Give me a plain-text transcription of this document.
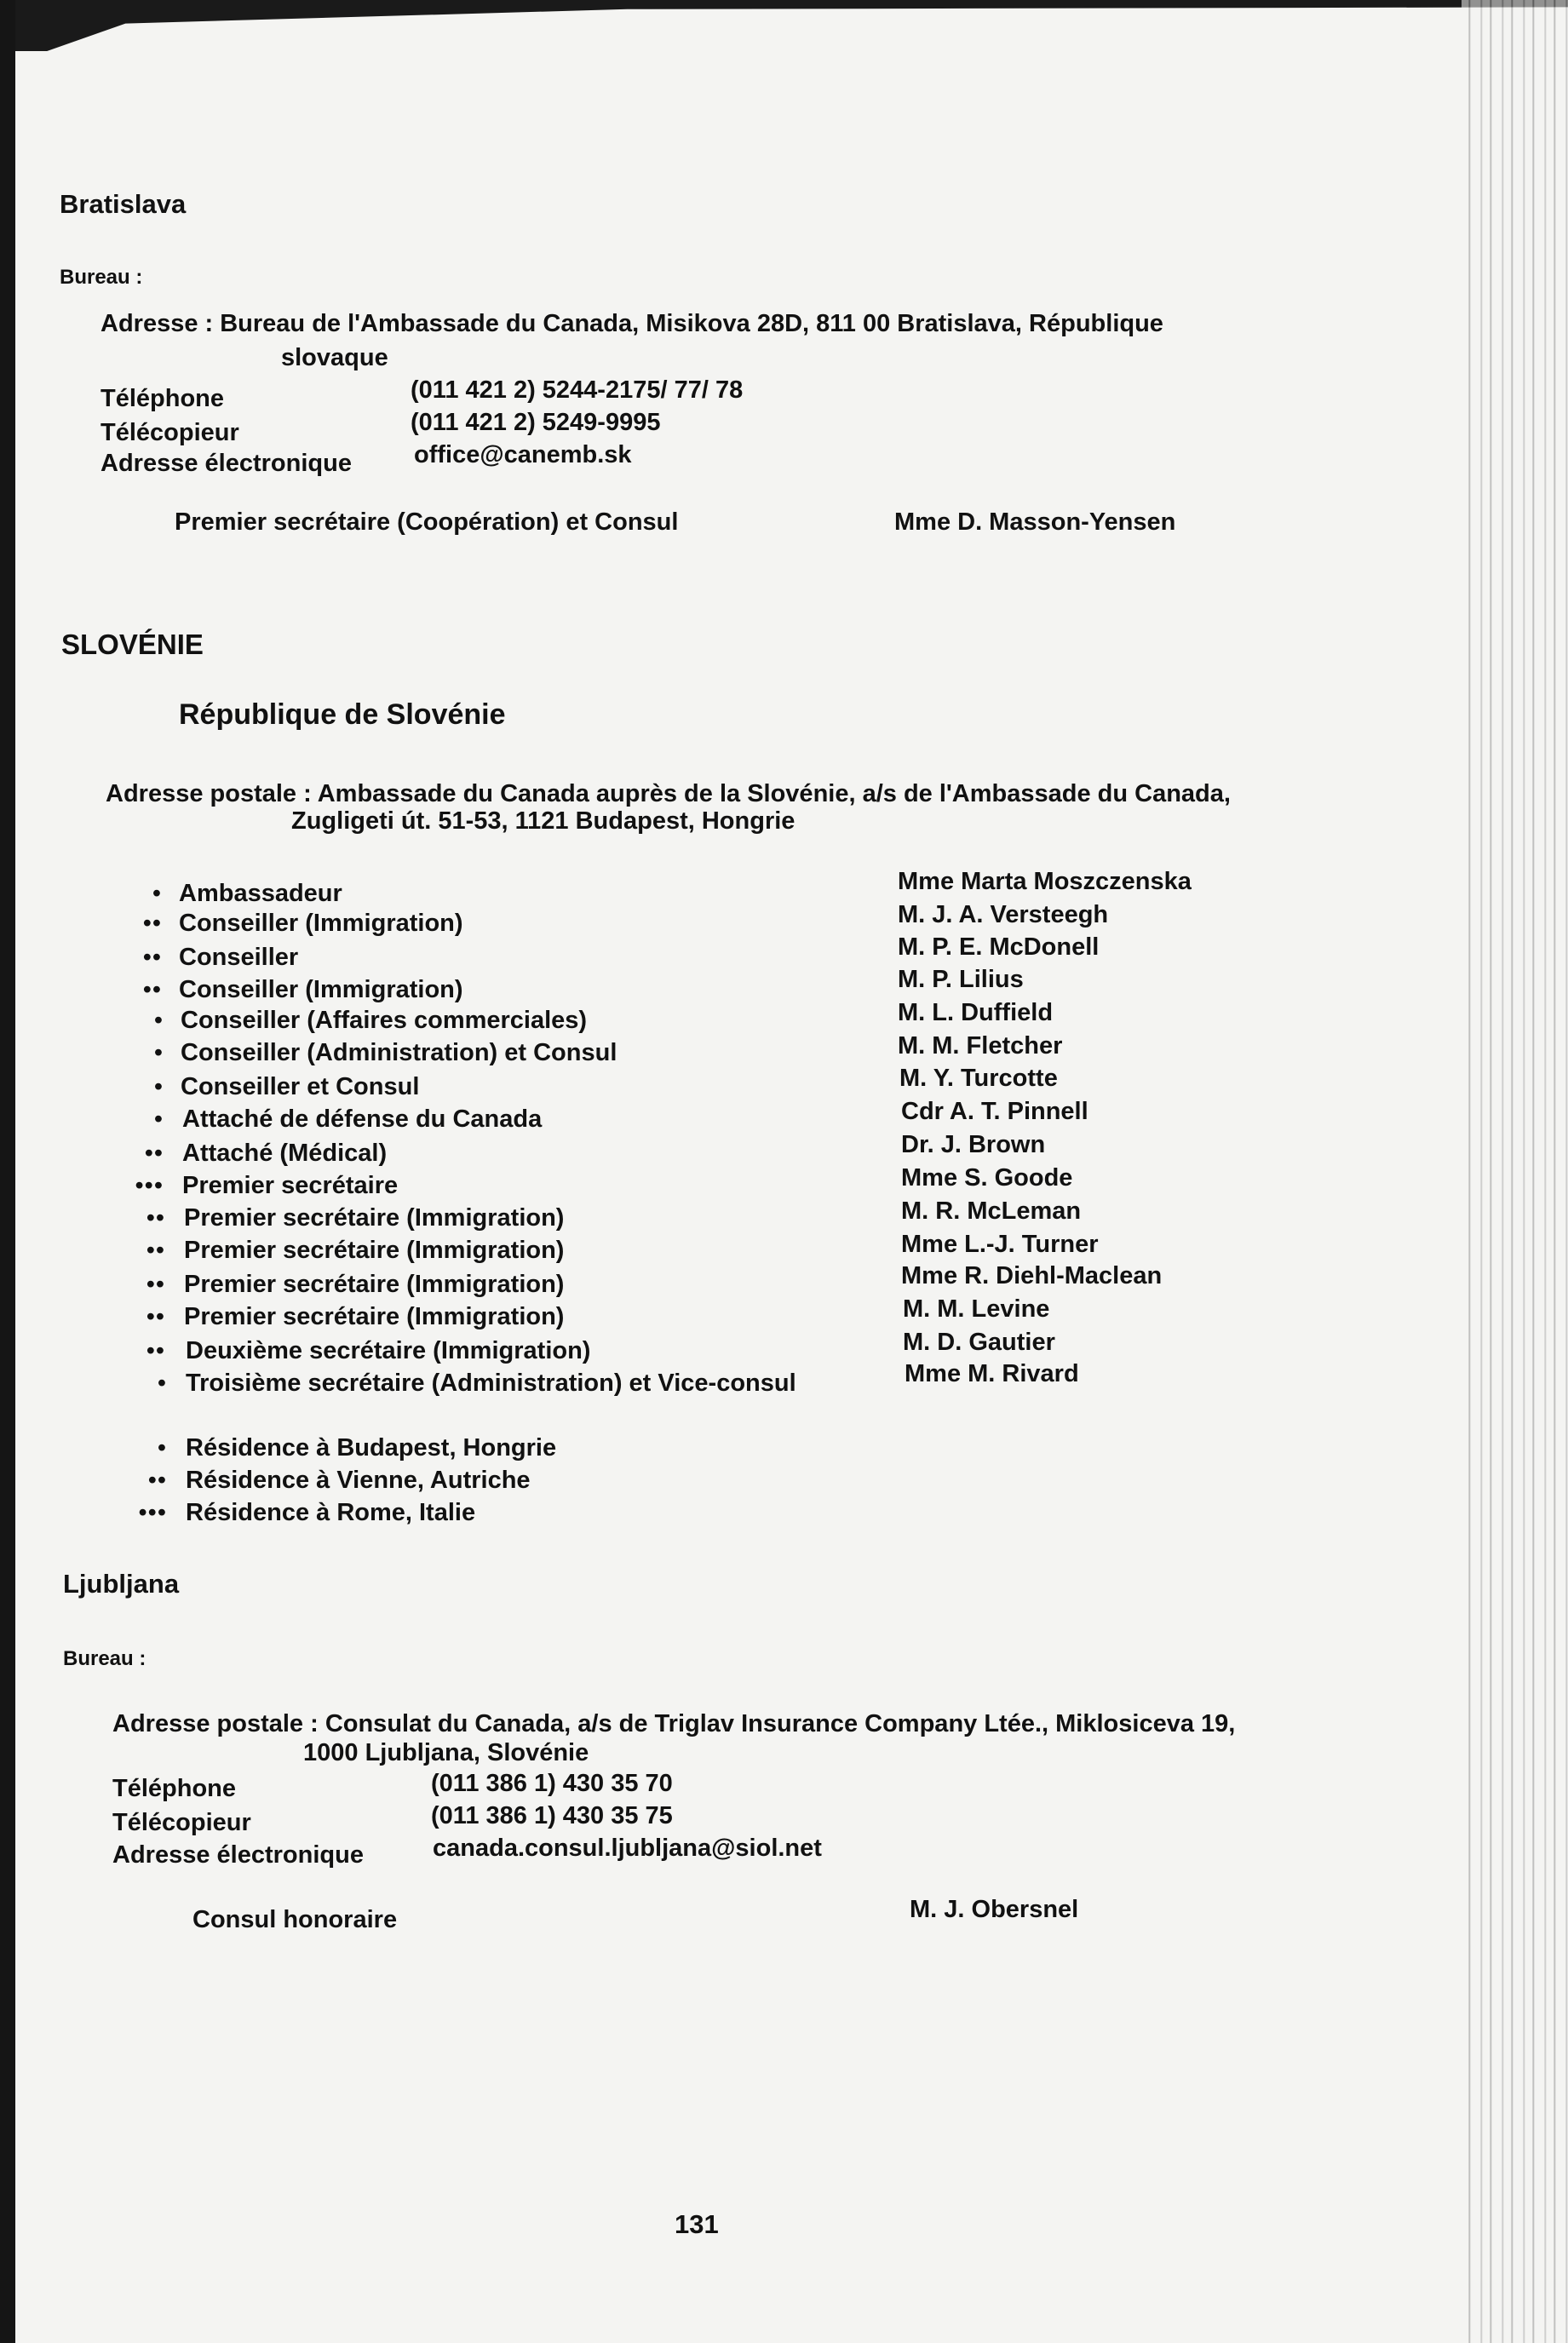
Bratislava
Bureau :
Adresse : Bureau de l'Ambassade du Canada, Misikova 28D, 811 00 Bratislava, République
slovaque
Téléphone	(011 421 2) 5244-2175/ 77/ 78
Télécopieur	(011 421 2) 5249-9995
Adresse électronique	office@canemb.sk
Premier secrétaire (Coopération) et Consul	Mme D. Masson-Yensen
SLOVÉNIE
République de Slovénie
Adresse postale : Ambassade du Canada auprès de la Slovénie, a/s de l'Ambassade du Canada,
Zugligeti út. 51-53, 1121 Budapest, Hongrie
• Ambassadeur	Mme Marta Moszczenska
•• Conseiller (Immigration)	M. J. A. Versteegh
•• Conseiller	M. P. E. McDonell
•• Conseiller (Immigration)	M. P. Lilius
• Conseiller (Affaires commerciales)	M. L. Duffield
• Conseiller (Administration) et Consul	M. M. Fletcher
• Conseiller et Consul	M. Y. Turcotte
• Attaché de défense du Canada	Cdr A. T. Pinnell
•• Attaché (Médical)	Dr. J. Brown
••• Premier secrétaire	Mme S. Goode
•• Premier secrétaire (Immigration)	M. R. McLeman
•• Premier secrétaire (Immigration)	Mme L.-J. Turner
•• Premier secrétaire (Immigration)	Mme R. Diehl-Maclean
•• Premier secrétaire (Immigration)	M. M. Levine
•• Deuxième secrétaire (Immigration)	M. D. Gautier
• Troisième secrétaire (Administration) et Vice-consul	Mme M. Rivard
• Résidence à Budapest, Hongrie
•• Résidence à Vienne, Autriche
••• Résidence à Rome, Italie
Ljubljana
Bureau :
Adresse postale : Consulat du Canada, a/s de Triglav Insurance Company Ltée., Miklosiceva 19,
1000 Ljubljana, Slovénie
Téléphone	(011 386 1) 430 35 70
Télécopieur	(011 386 1) 430 35 75
Adresse électronique	canada.consul.ljubljana@siol.net
Consul honoraire	M. J. Obersnel
131
